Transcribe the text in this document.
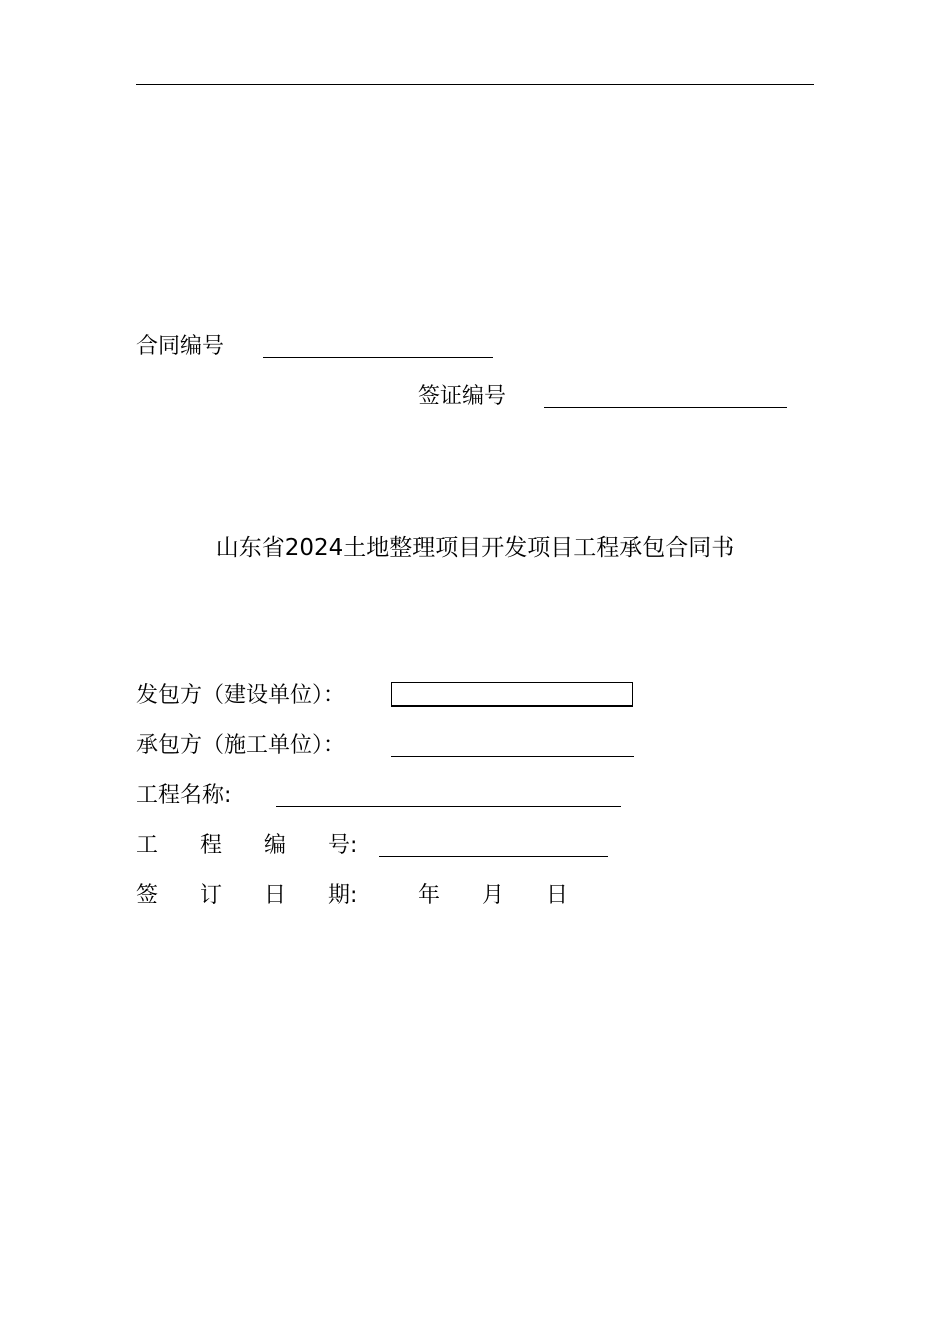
合同编号
签证编号
山东省2024土地整理项目开发项目工程承包合同书
发包方（建设单位）：
承包方（施工单位）：
工程名称:
工 程 编 号:
签 订 日 期:	年 月 日
